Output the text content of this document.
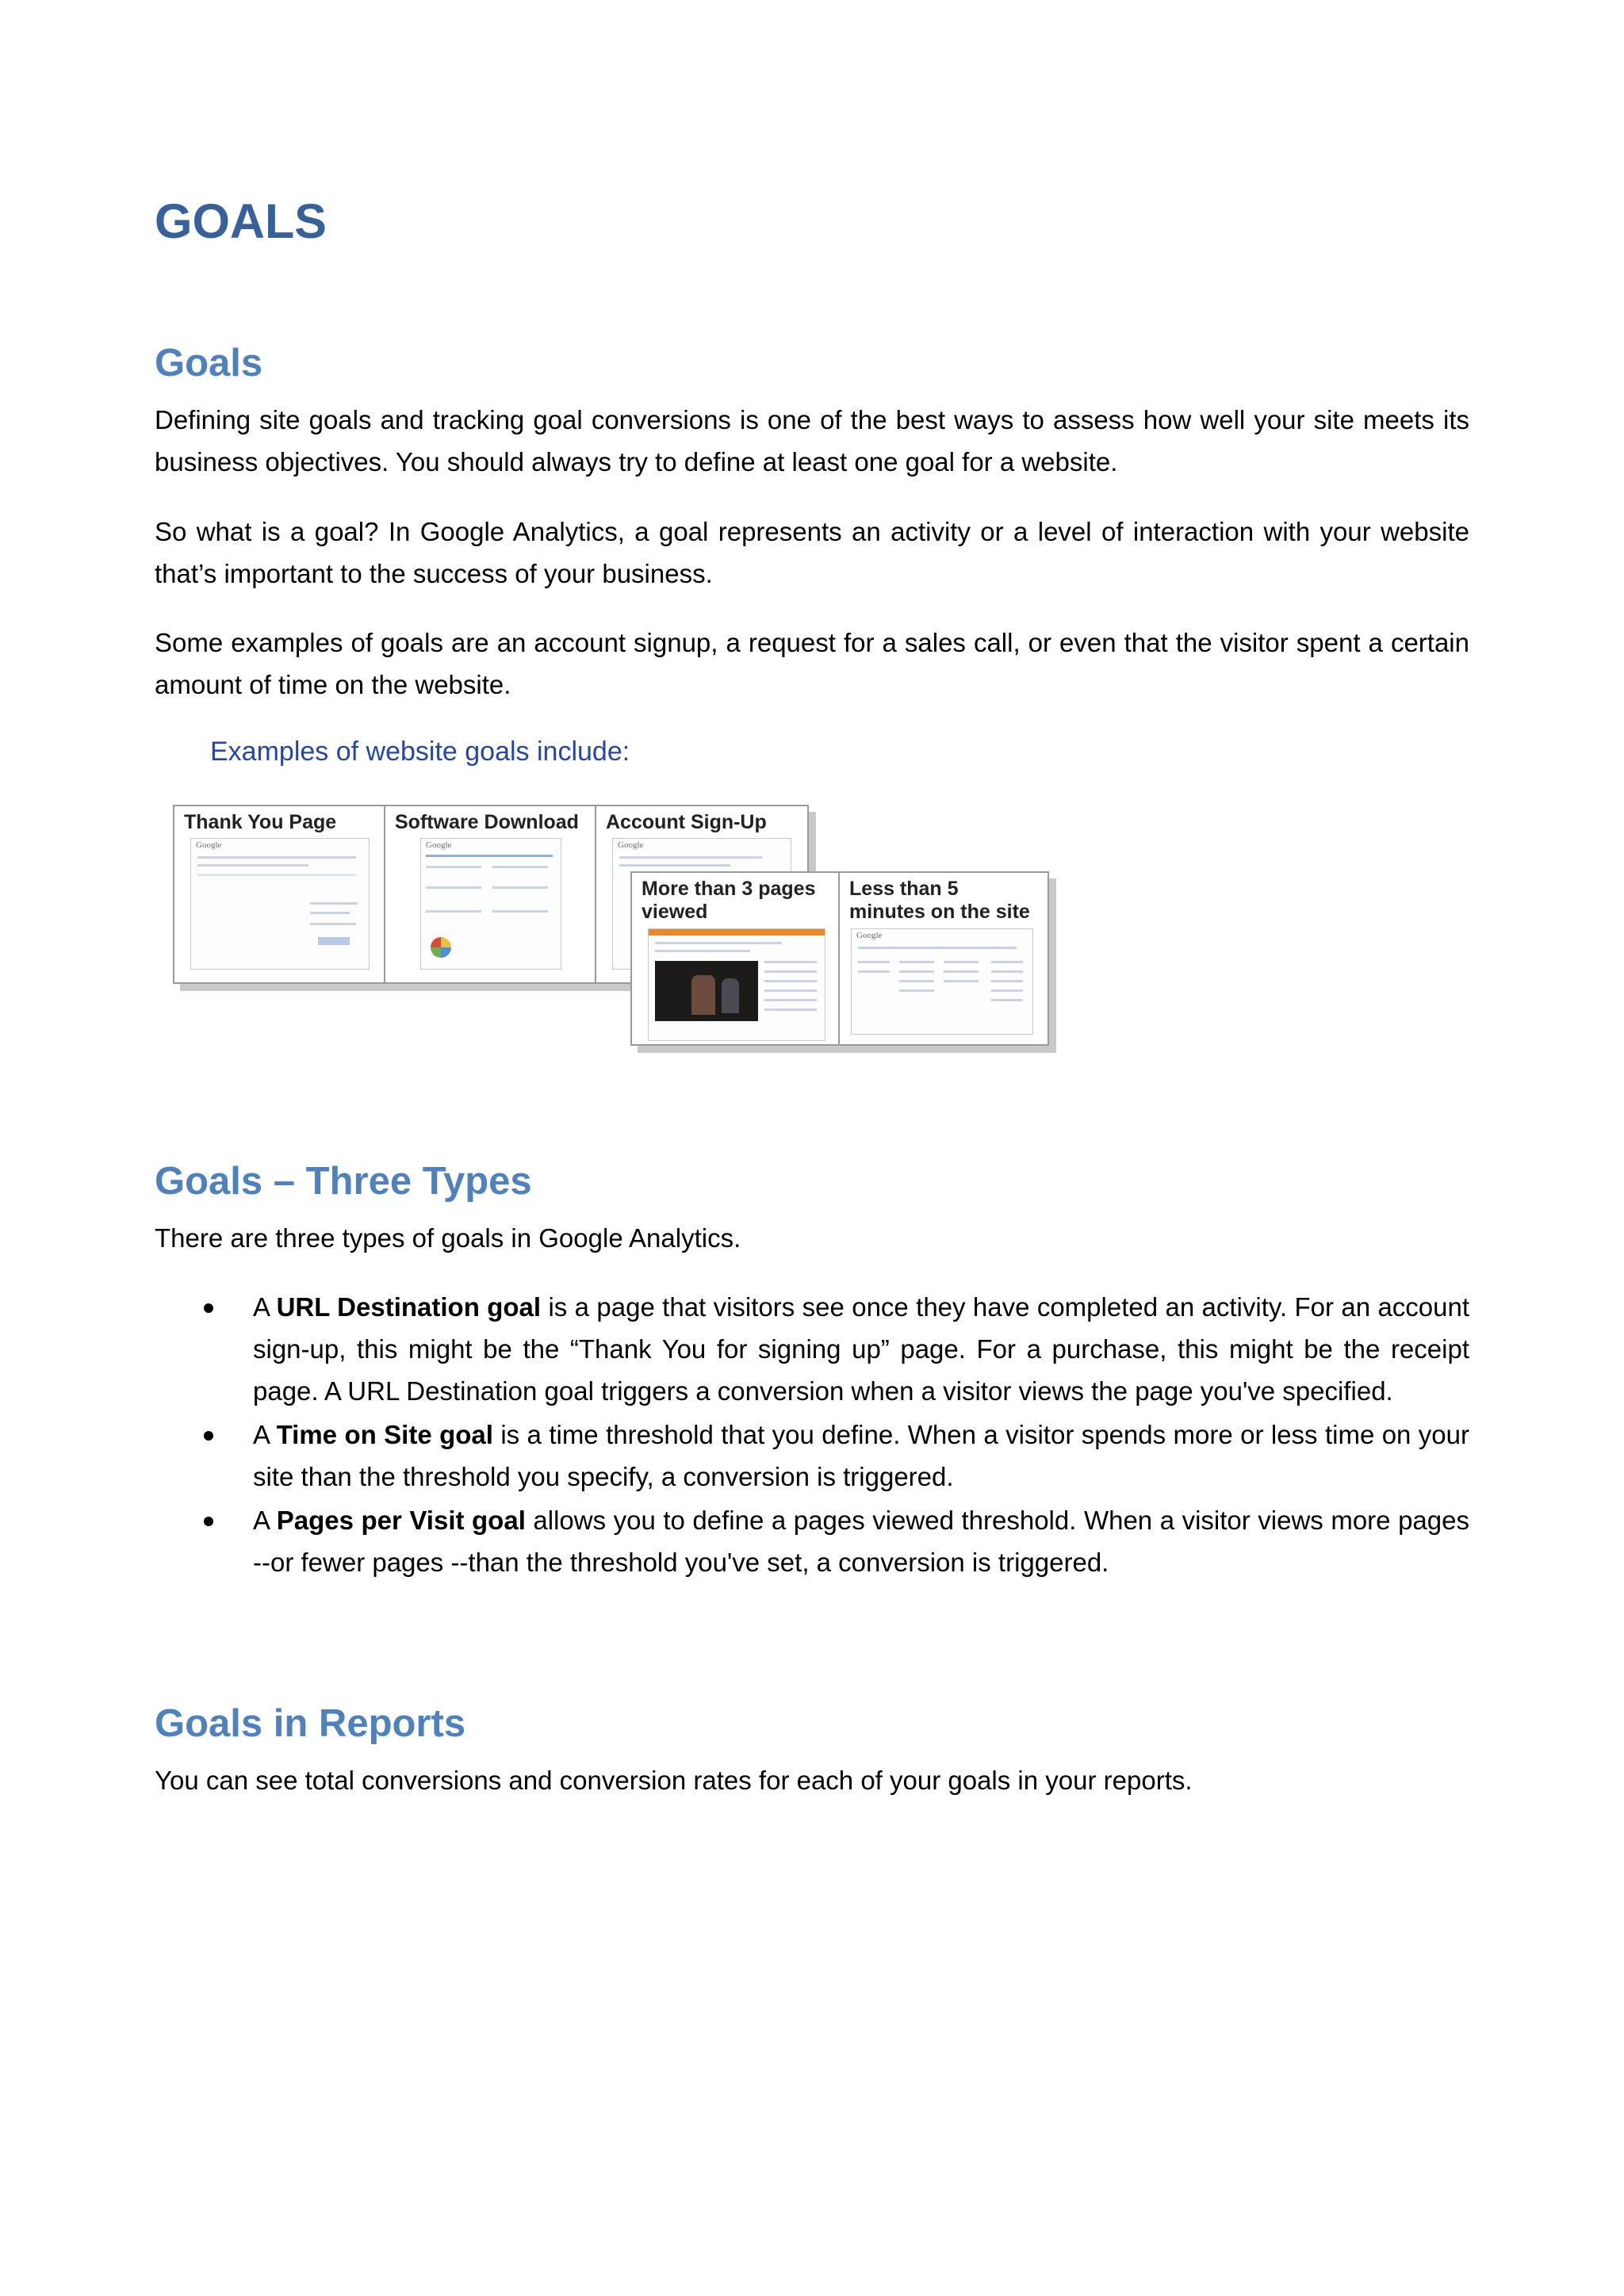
GOALS
Goals

Defining site goals and tracking goal conversions is one of the best ways to assess how well your site meets its business objectives. You should always try to define at least one goal for a website.

So what is a goal? In Google Analytics, a goal represents an activity or a level of interaction with your website that’s important to the success of your business.

Some examples of goals are an account signup, a request for a sales call, or even that the visitor spent a certain amount of time on the website.

Goals – Three Types

There are three types of goals in Google Analytics.

A URL Destination goal is a page that visitors see once they have completed an activity. For an account sign-up, this might be the “Thank You for signing up” page. For a purchase, this might be the receipt page. A URL Destination goal triggers a conversion when a visitor views the page you've specified.
A Time on Site goal is a time threshold that you define. When a visitor spends more or less time on your site than the threshold you specify, a conversion is triggered.
A Pages per Visit goal allows you to define a pages viewed threshold. When a visitor views more pages --or fewer pages --than the threshold you've set, a conversion is triggered.
Goals in Reports

You can see total conversions and conversion rates for each of your goals in your reports.

Examples of website goals include:
Thank You Page
Google
Software Download
Google
Account Sign-Up
Google
More than 3 pages viewed
Less than 5 minutes on the site
Google
